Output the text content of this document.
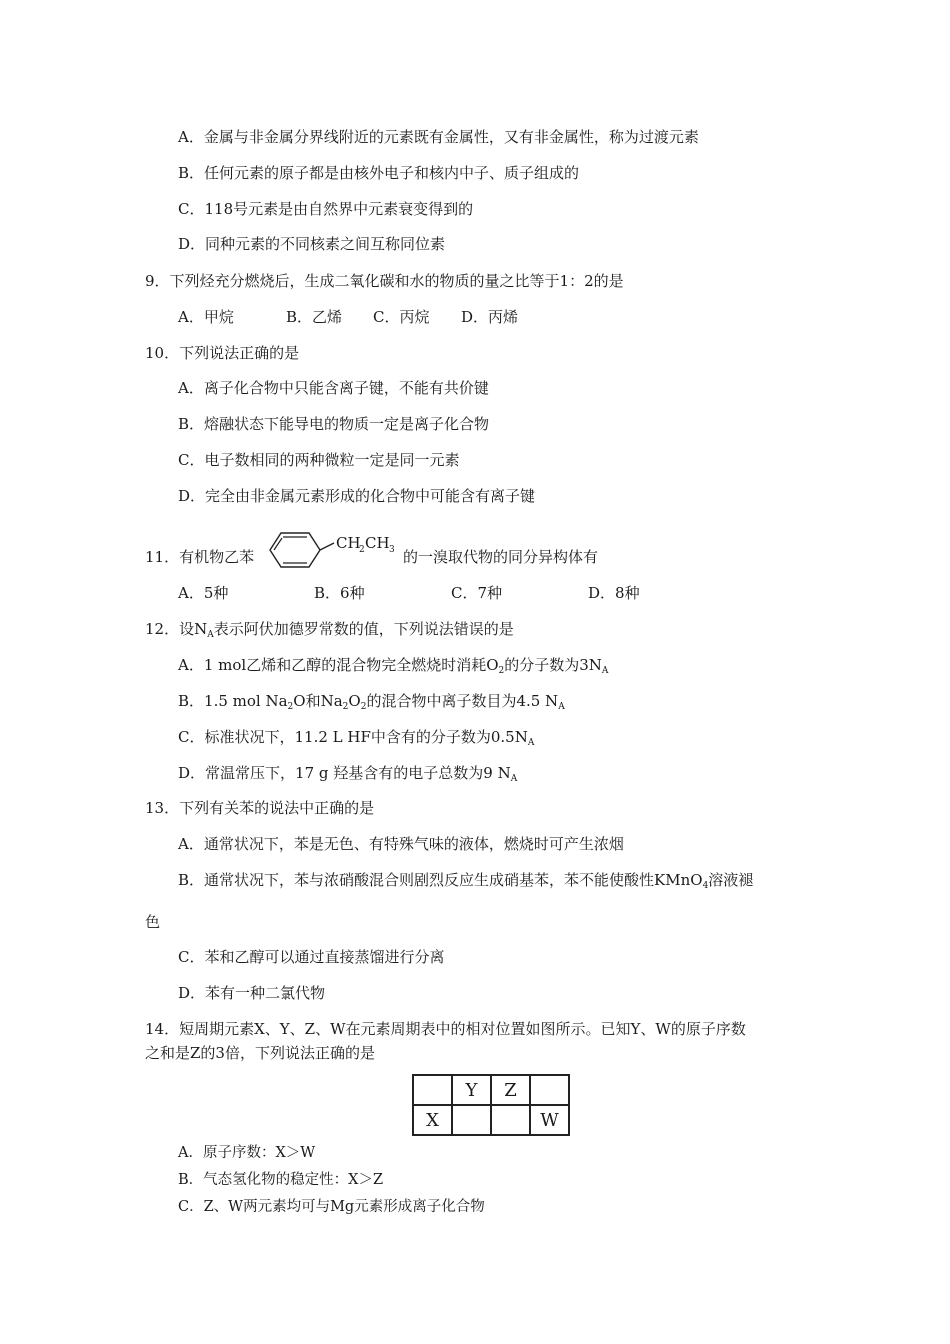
A．金属与非金属分界线附近的元素既有金属性，又有非金属性，称为过渡元素
B．任何元素的原子都是由核外电子和核内中子、质子组成的
C．118号元素是由自然界中元素衰变得到的
D．同种元素的不同核素之间互称同位素
9．下列烃充分燃烧后，生成二氧化碳和水的物质的量之比等于1：2的是
A．甲烷	B．乙烯 C．丙烷 D．丙烯
10．下列说法正确的是
A．离子化合物中只能含离子键，不能有共价键
B．熔融状态下能导电的物质一定是离子化合物
C．电子数相同的两种微粒一定是同一元素
D．完全由非金属元素形成的化合物中可能含有离子键
11．有机物乙苯
CH
2 CH 3 的一溴取代物的同分异构体有
A．5种	B．6种	C．7种	D．8种
12．设$N_A$表示阿伏加德罗常数的值，下列说法错误的是
A．1 mol乙烯和乙醇的混合物完全燃烧时消耗$O_2$的分子数为$3N_A$
B．1.5 mol $Na_2O$和$Na_2O_2$的混合物中离子数目为4.5 $N_A$
C．标准状况下，11.2 L HF中含有的分子数为$0.5N_A$
D．常温常压下，17 g 羟基含有的电子总数为9 $N_A$
13．下列有关苯的说法中正确的是
A．通常状况下，苯是无色、有特殊气味的液体，燃烧时可产生浓烟
B．通常状况下，苯与浓硝酸混合则剧烈反应生成硝基苯，苯不能使酸性KMnO$_4$溶液褪
色
C．苯和乙醇可以通过直接蒸馏进行分离
D．苯有一种二氯代物
14．短周期元素X、Y、Z、W在元素周期表中的相对位置如图所示。已知Y、W的原子序数
之和是Z的3倍，下列说法正确的是
	Y	Z	
X			W
A．原子序数：X＞W
B．气态氢化物的稳定性：X＞Z
C．Z、W两元素均可与Mg元素形成离子化合物
